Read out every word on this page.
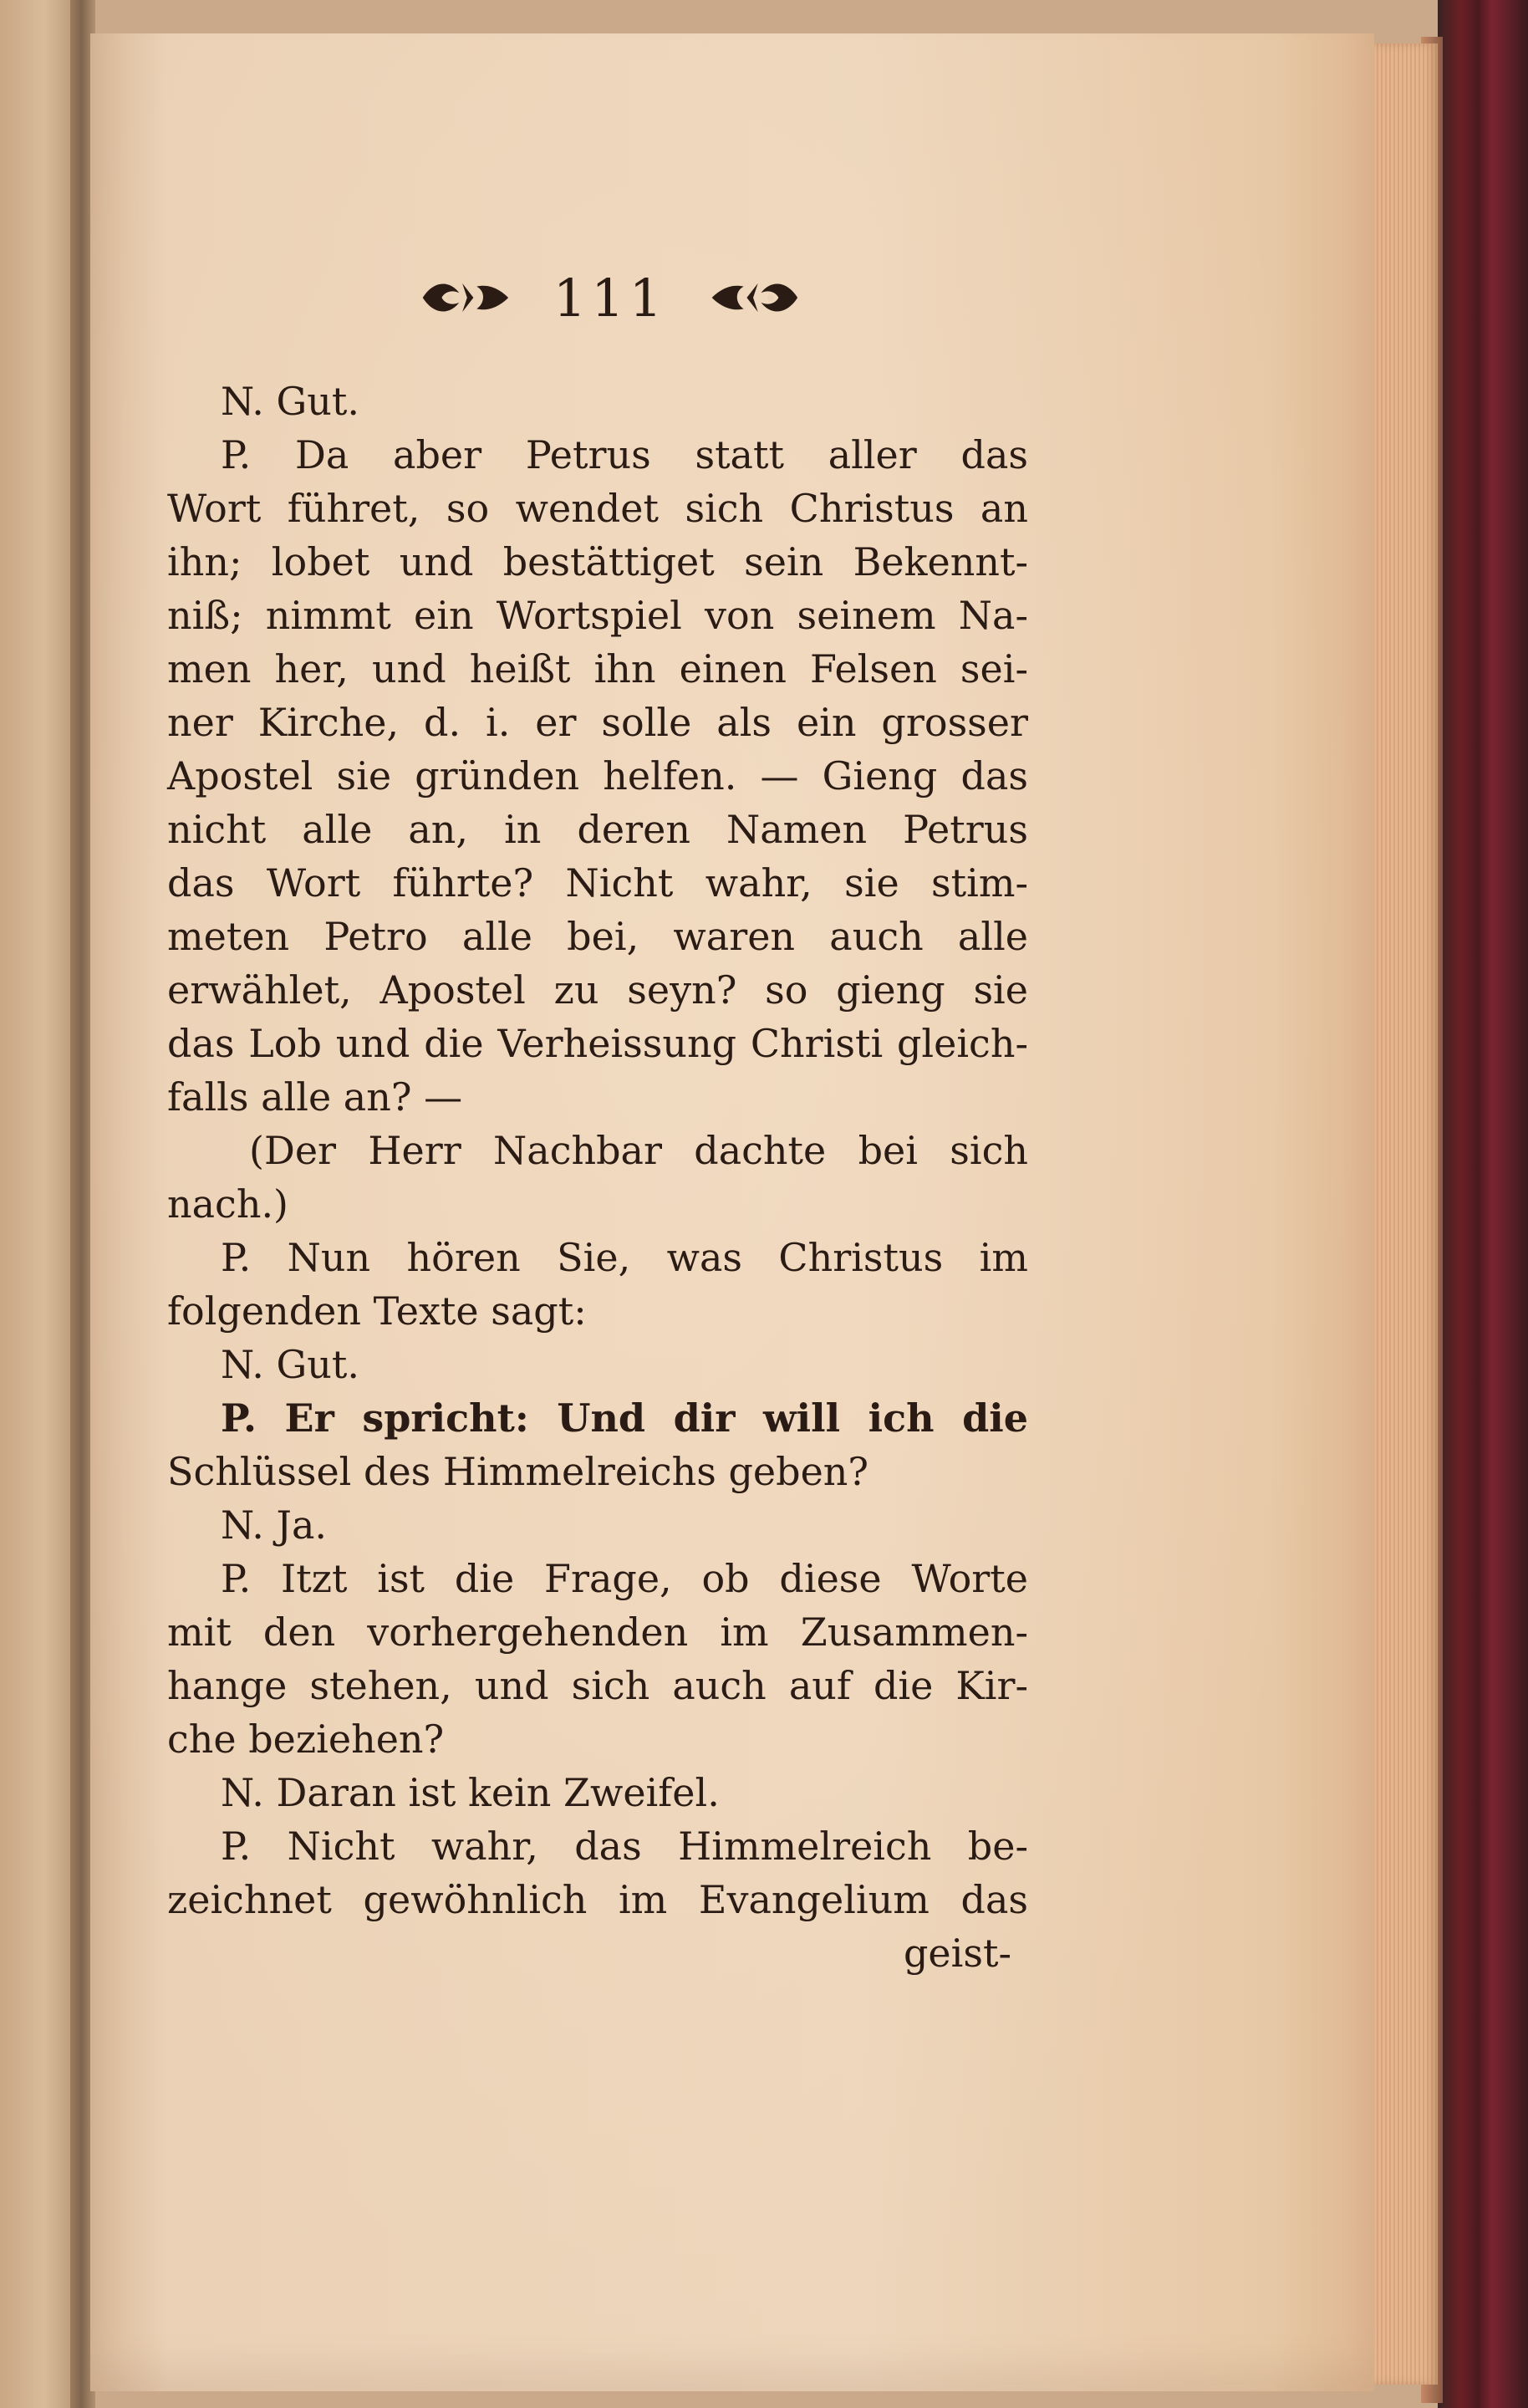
111
N. Gut.
P. Da aber Petrus statt aller das
Wort führet, so wendet sich Christus an
ihn; lobet und bestättiget sein Bekennt-
niß; nimmt ein Wortspiel von seinem Na-
men her, und heißt ihn einen Felsen sei-
ner Kirche, d. i. er solle als ein grosser
Apostel sie gründen helfen. — Gieng das
nicht alle an, in deren Namen Petrus
das Wort führte? Nicht wahr, sie stim-
meten Petro alle bei, waren auch alle
erwählet, Apostel zu seyn? so gieng sie
das Lob und die Verheissung Christi gleich-
falls alle an? —
(Der Herr Nachbar dachte bei sich
nach.)
P. Nun hören Sie, was Christus im
folgenden Texte sagt:
N. Gut.
P. Er spricht: Und dir will ich die
Schlüssel des Himmelreichs geben?
N. Ja.
P. Itzt ist die Frage, ob diese Worte
mit den vorhergehenden im Zusammen-
hange stehen, und sich auch auf die Kir-
che beziehen?
N. Daran ist kein Zweifel.
P. Nicht wahr, das Himmelreich be-
zeichnet gewöhnlich im Evangelium das
geist-
